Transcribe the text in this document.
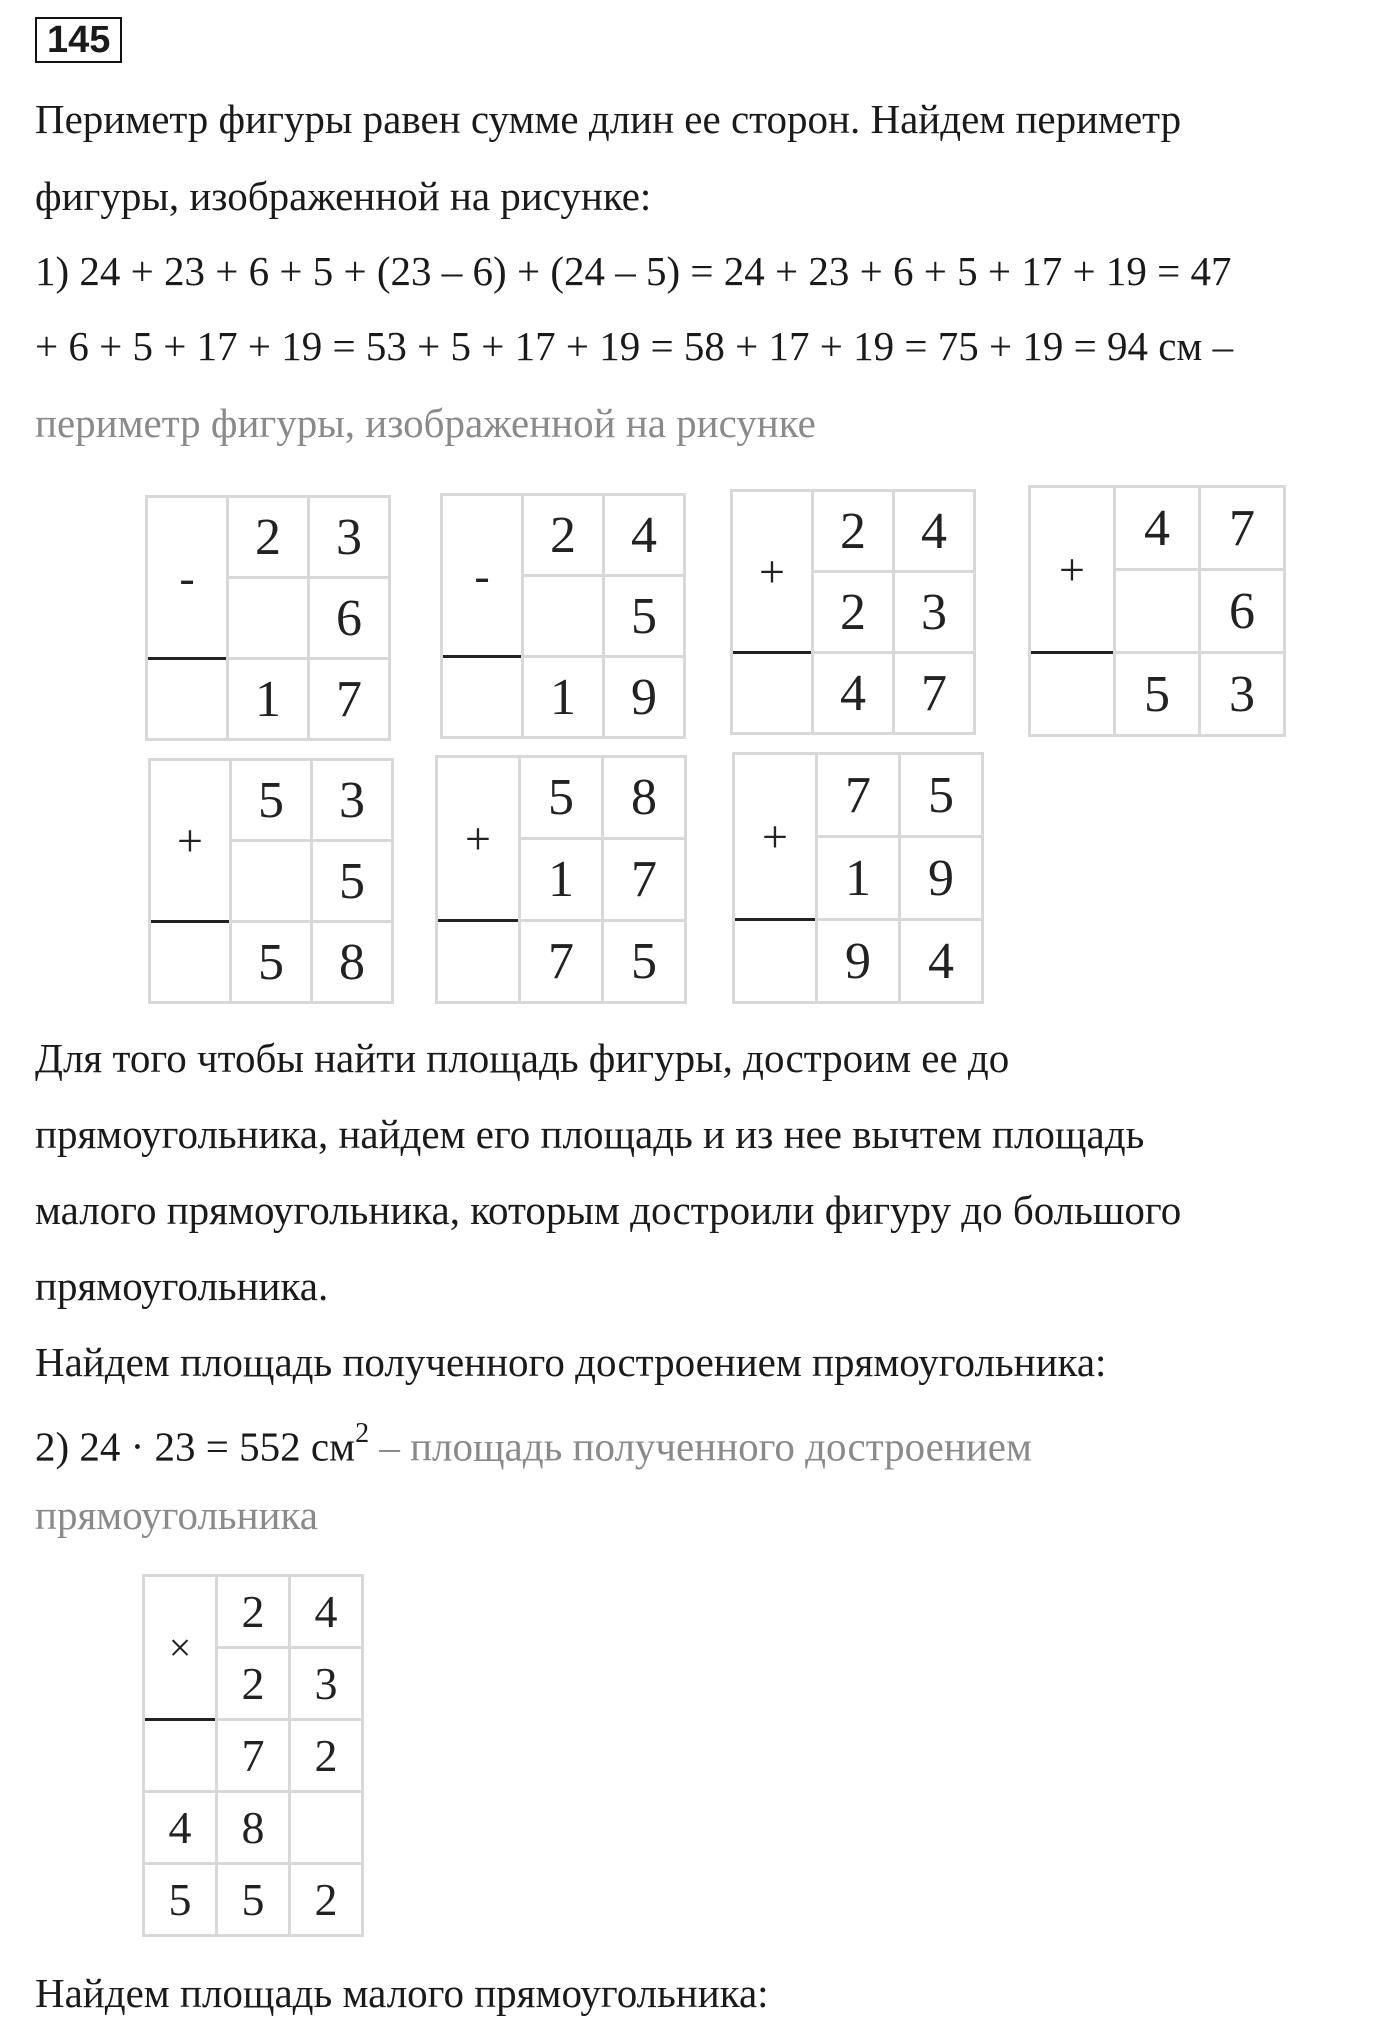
145

Периметр фигуры равен сумме длин ее сторон. Найдем периметр

фигуры, изображенной на рисунке:

1) 24 + 23 + 6 + 5 + (23 – 6) + (24 – 5) = 24 + 23 + 6 + 5 + 17 + 19 = 47

+ 6 + 5 + 17 + 19 = 53 + 5 + 17 + 19 = 58 + 17 + 19 = 75 + 19 = 94 см –

периметр фигуры, изображенной на рисунке

-	2	3
		6
	1	7
-	2	4
		5
	1	9
+	2	4
	2	3
	4	7
+	4	7
		6
	5	3
+	5	3
		5
	5	8
+	5	8
	1	7
	7	5
+	7	5
	1	9
	9	4

Для того чтобы найти площадь фигуры, достроим ее до

прямоугольника, найдем его площадь и из нее вычтем площадь

малого прямоугольника, которым достроили фигуру до большого

прямоугольника.

Найдем площадь полученного достроением прямоугольника:

2) 24 · 23 = 552 $см^2$ – площадь полученного достроением

прямоугольника

×	2	4
	2	3
	7	2
4	8	
5	5	2

Найдем площадь малого прямоугольника:
